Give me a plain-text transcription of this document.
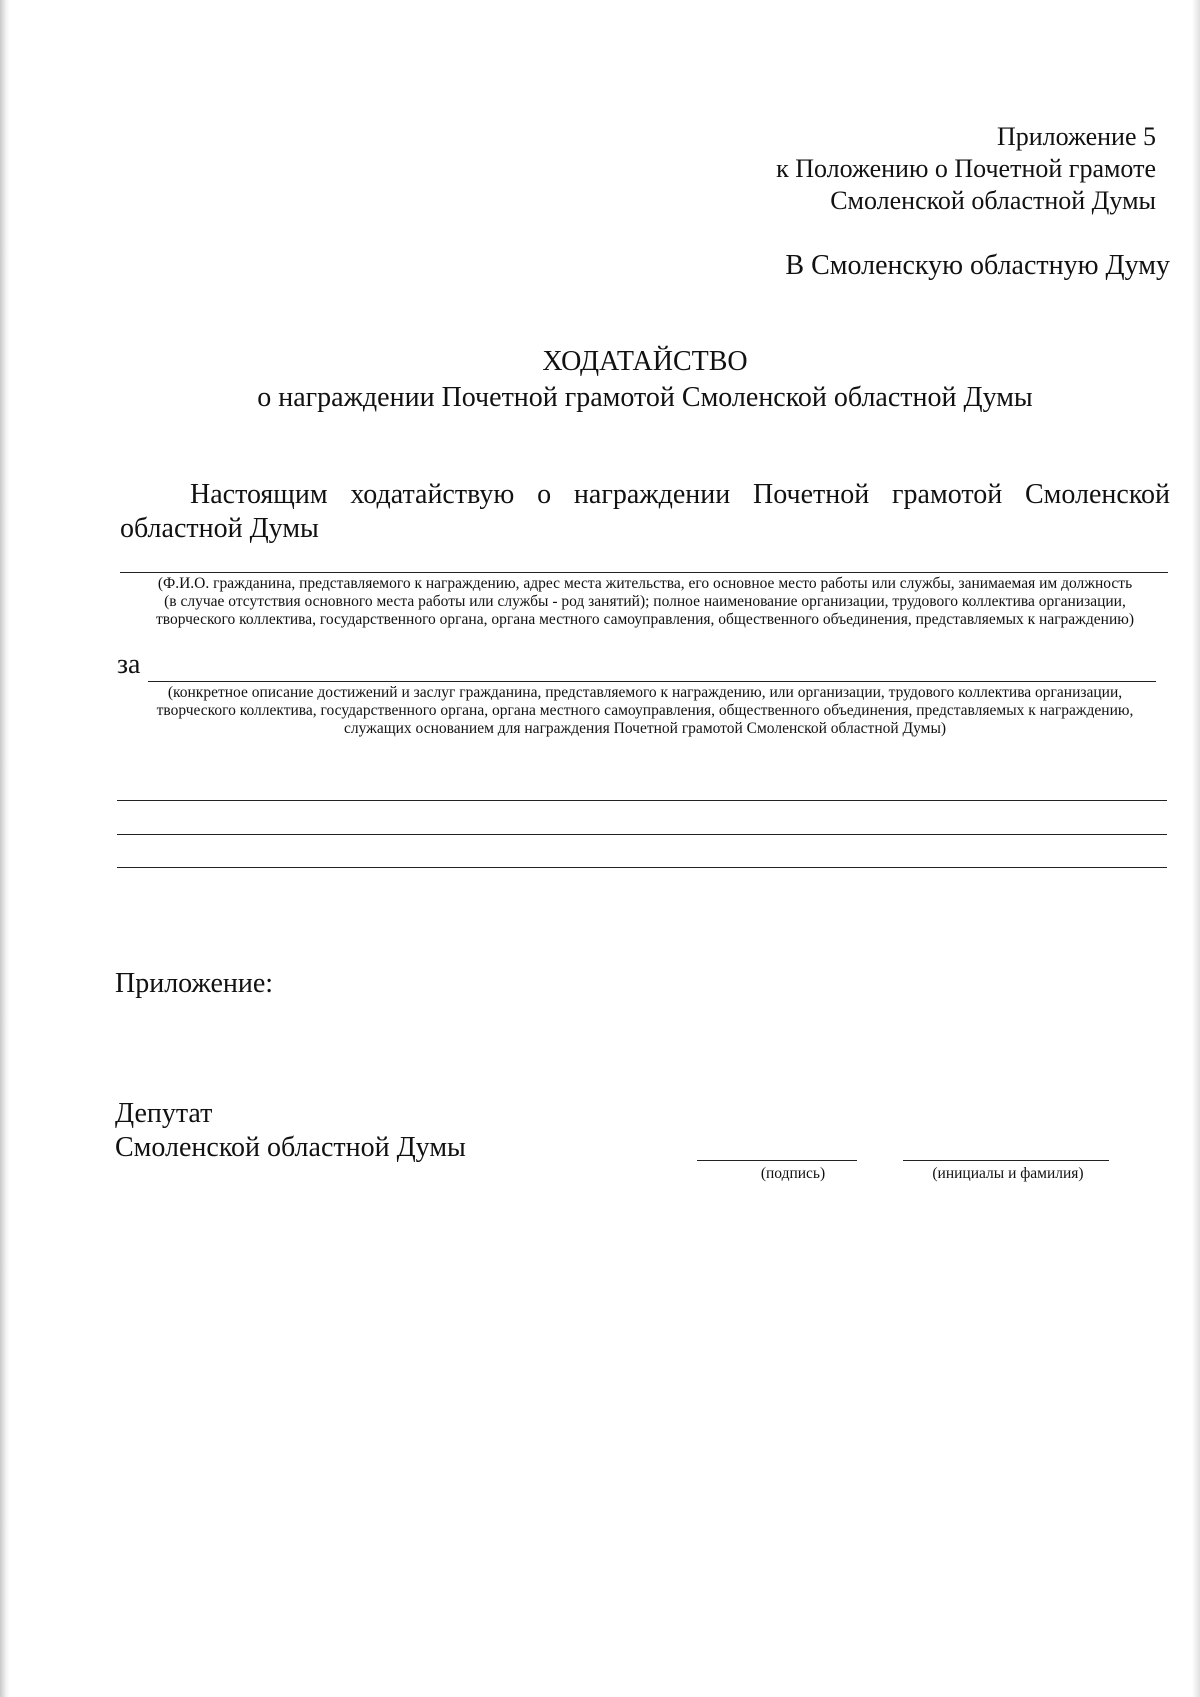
Приложение 5
к Положению о Почетной грамоте
Смоленской областной Думы
В Смоленскую областную Думу
ХОДАТАЙСТВО
о награждении Почетной грамотой Смоленской областной Думы
Настоящим ходатайствую о награждении Почетной грамотой Смоленской
областной Думы
(Ф.И.О. гражданина, представляемого к награждению, адрес места жительства, его основное место работы или службы, занимаемая им должность
(в случае отсутствия основного места работы или службы - род занятий); полное наименование организации, трудового коллектива организации,
творческого коллектива, государственного органа, органа местного самоуправления, общественного объединения, представляемых к награждению)
за
(конкретное описание достижений и заслуг гражданина, представляемого к награждению, или организации, трудового коллектива организации,
творческого коллектива, государственного органа, органа местного самоуправления, общественного объединения, представляемых к награждению,
служащих основанием для награждения Почетной грамотой Смоленской областной Думы)
Приложение:
Депутат
Смоленской областной Думы
(подпись)	(инициалы и фамилия)
